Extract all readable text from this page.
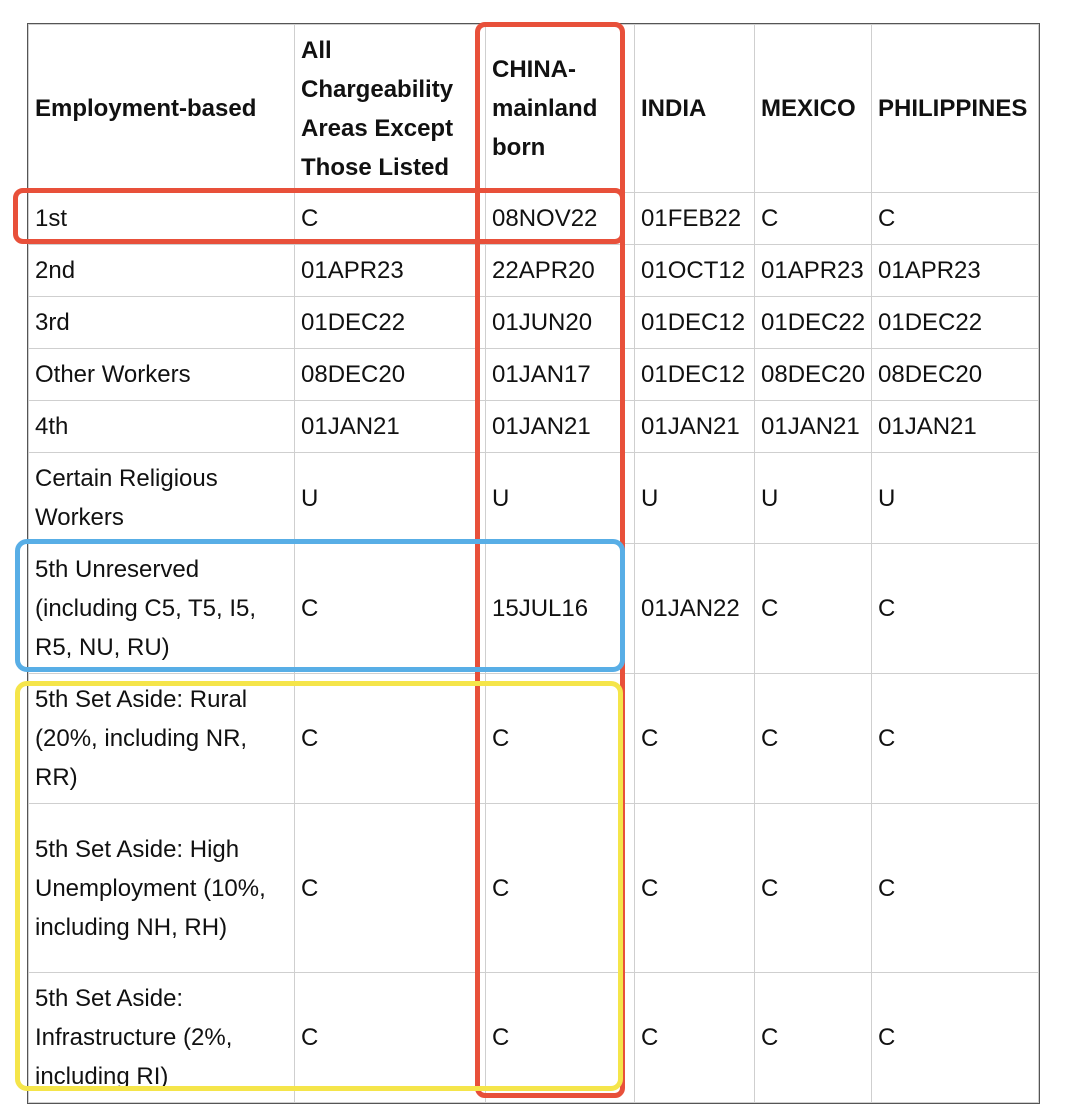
Employment-based	All Chargeability Areas Except Those Listed	CHINA-mainland born	INDIA	MEXICO	PHILIPPINES
1st	C	08NOV22	01FEB22	C	C
2nd	01APR23	22APR20	01OCT12	01APR23	01APR23
3rd	01DEC22	01JUN20	01DEC12	01DEC22	01DEC22
Other Workers	08DEC20	01JAN17	01DEC12	08DEC20	08DEC20
4th	01JAN21	01JAN21	01JAN21	01JAN21	01JAN21
Certain Religious Workers	U	U	U	U	U
5th Unreserved (including C5, T5, I5, R5, NU, RU)	C	15JUL16	01JAN22	C	C
5th Set Aside: Rural (20%, including NR, RR)	C	C	C	C	C
5th Set Aside: High Unemployment (10%, including NH, RH)	C	C	C	C	C
5th Set Aside: Infrastructure (2%, including RI)	C	C	C	C	C
